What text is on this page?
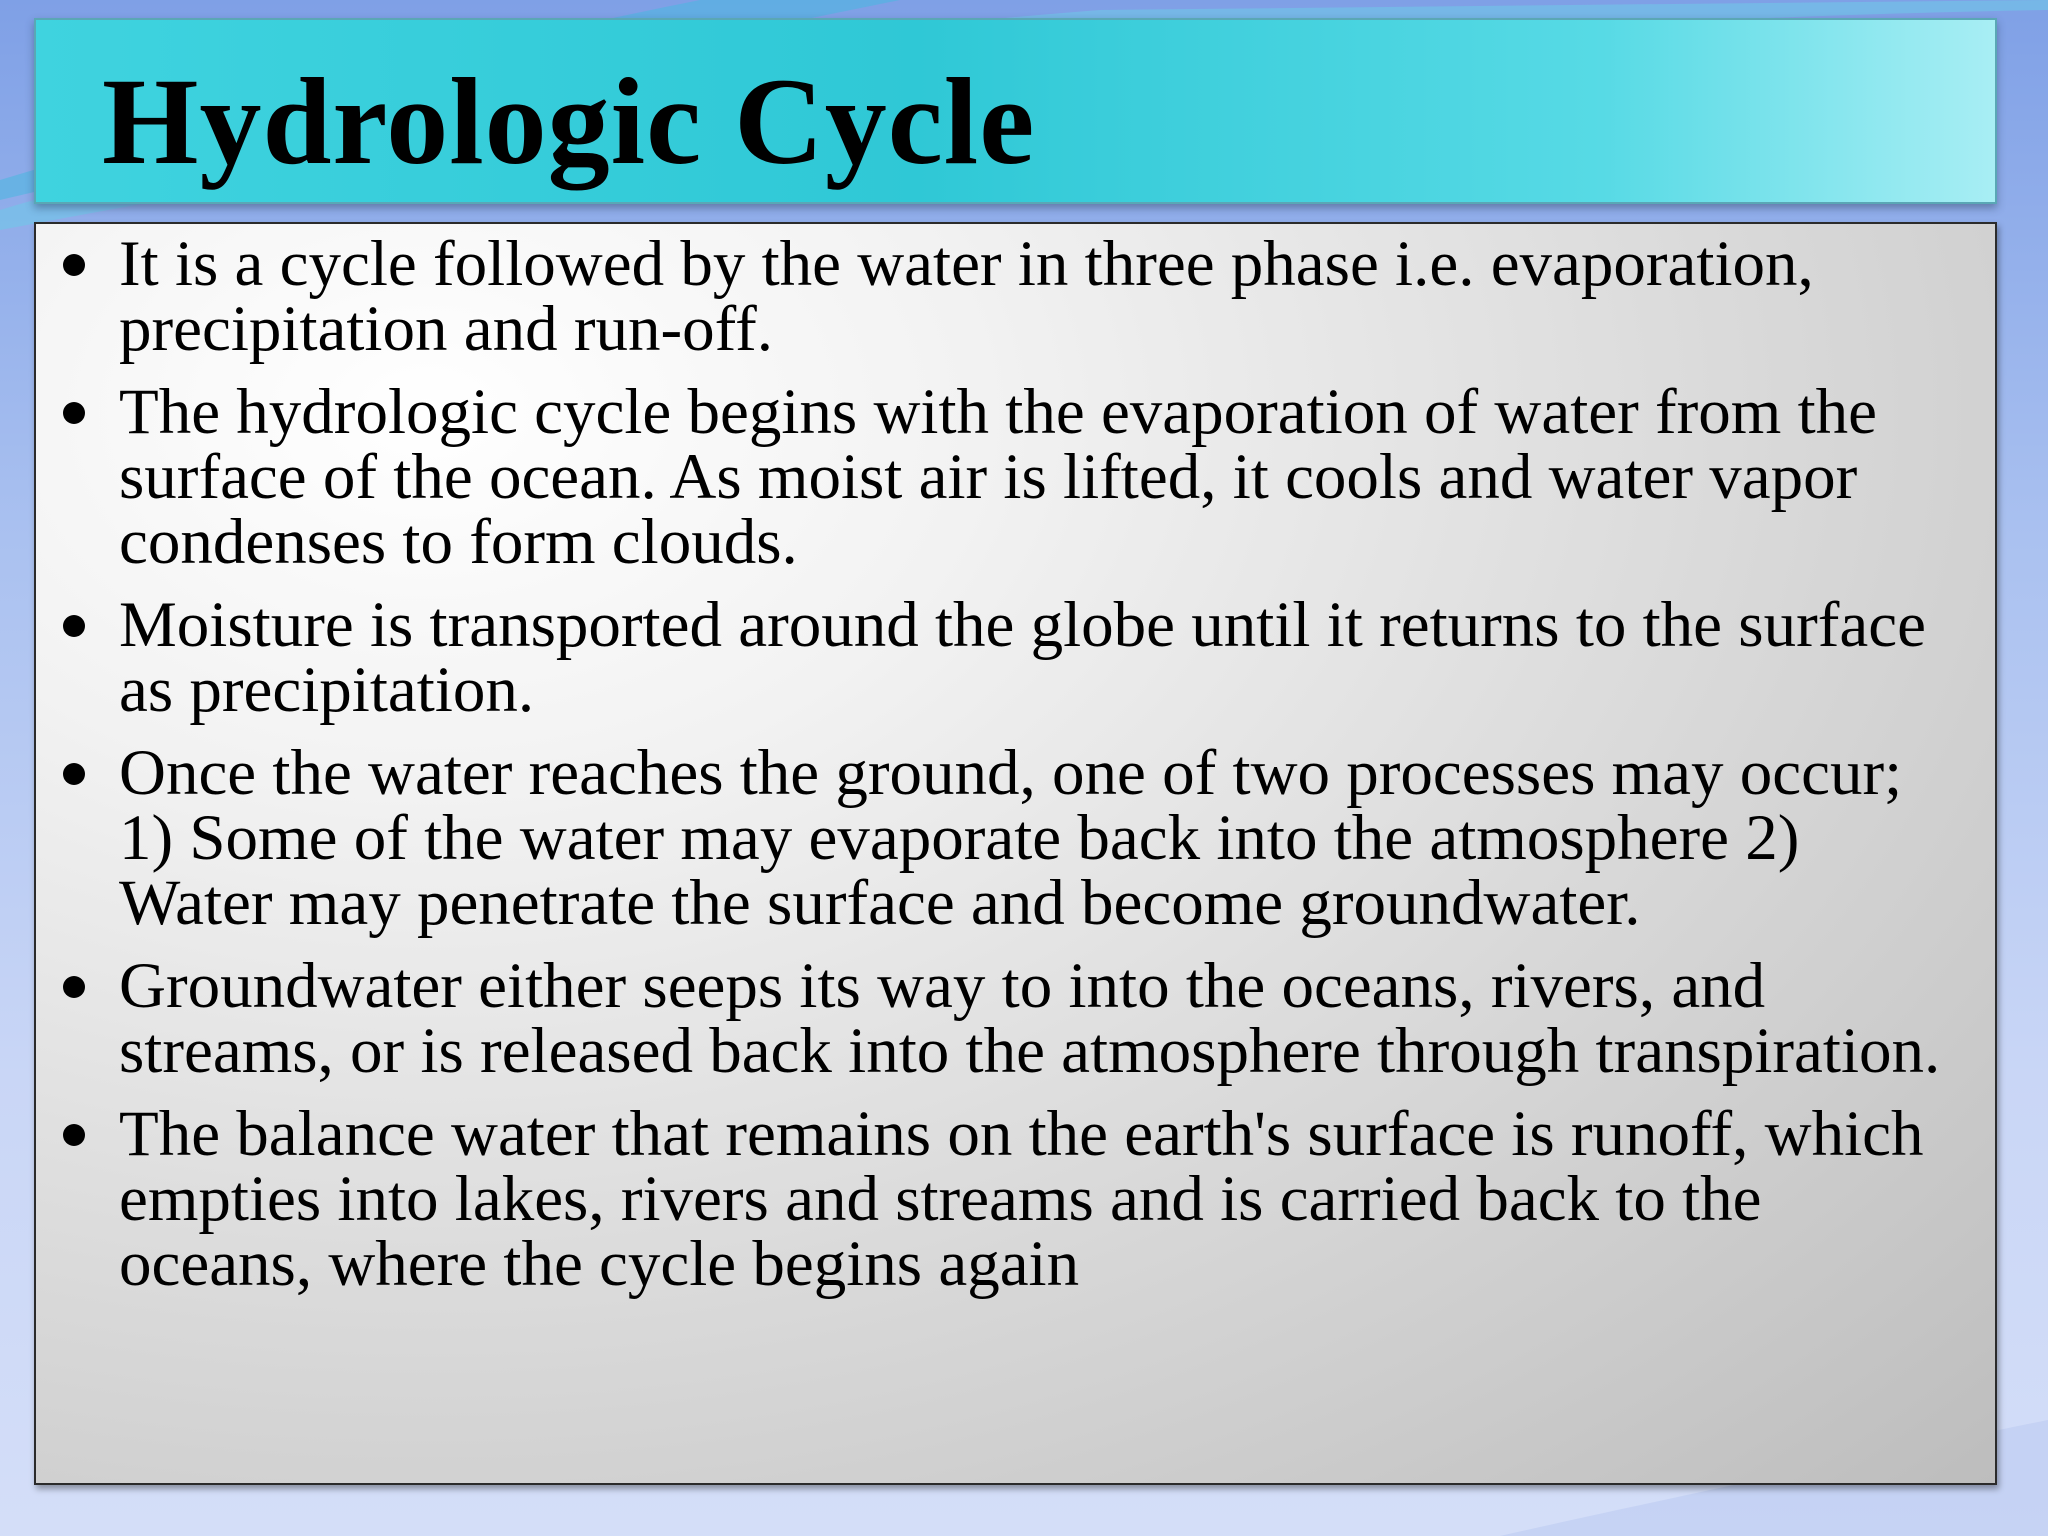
Hydrologic Cycle
It is a cycle followed by the water in three phase i.e. evaporation, precipitation and run-off.
The hydrologic cycle begins with the evaporation of water from the surface of the ocean. As moist air is lifted, it cools and water vapor condenses to form clouds.
Moisture is transported around the globe until it returns to the surface as precipitation.
Once the water reaches the ground, one of two processes may occur; 1) Some of the water may evaporate back into the atmosphere 2) Water may penetrate the surface and become groundwater.
Groundwater either seeps its way to into the oceans, rivers, and streams, or is released back into the atmosphere through transpiration.
The balance water that remains on the earth's surface is runoff, which empties into lakes, rivers and streams and is carried back to the oceans, where the cycle begins again
